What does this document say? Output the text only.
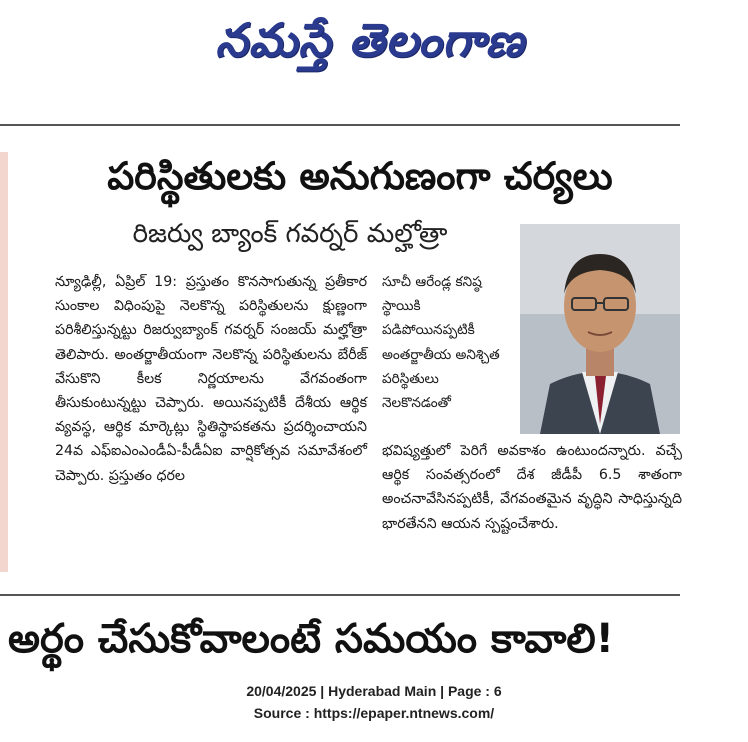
నమస్తే తెలంగాణ
పరిస్థితులకు అనుగుణంగా చర్యలు
రిజర్వు బ్యాంక్ గవర్నర్ మల్హోత్రా

న్యూఢిల్లీ, ఏప్రిల్ 19: ప్రస్తుతం కొనసాగుతున్న ప్రతీకార సుంకాల విధింపుపై నెలకొన్న పరిస్థితులను క్షుణ్ణంగా పరిశీలిస్తున్నట్టు రిజర్వుబ్యాంక్ గవర్నర్ సంజయ్ మల్హోత్రా తెలిపారు. అంతర్జాతీయంగా నెలకొన్న పరిస్థితులను బేరీజ్ వేసుకొని కీలక నిర్ణయాలను వేగవంతంగా తీసుకుంటున్నట్టు చెప్పారు. అయినప్పటికీ దేశీయ ఆర్థిక వ్యవస్థ, ఆర్థిక మార్కెట్లు స్థితిస్థాపకతను ప్రదర్శించాయని 24వ ఎఫ్ఐఎంఎండీఏ-పీడీఏఐ వార్షికోత్సవ సమావేశంలో చెప్పారు. ప్రస్తుతం ధరల

సూచీ ఆరేండ్ల కనిష్ఠ స్థాయికి పడిపోయినప్పటికీ అంతర్జాతీయ అనిశ్చిత పరిస్థితులు నెలకొనడంతో

భవిష్యత్తులో పెరిగే అవకాశం ఉంటుందన్నారు. వచ్చే ఆర్థిక సంవత్సరంలో దేశ జీడీపీ 6.5 శాతంగా అంచనావేసినప్పటికీ, వేగవంతమైన వృద్ధిని సాధిస్తున్నది భారతేనని ఆయన స్పష్టంచేశారు.

అర్థం చేసుకోవాలంటే సమయం కావాలి!
20/04/2025 | Hyderabad Main | Page : 6
Source : https://epaper.ntnews.com/
